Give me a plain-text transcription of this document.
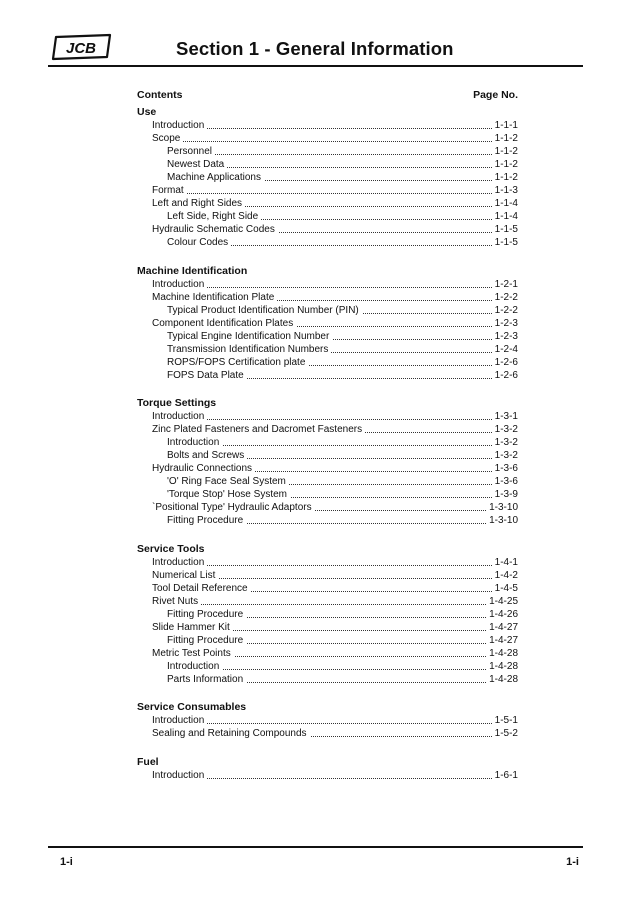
JCB	Section 1 - General Information
Contents	Page No.
Use
Introduction	1-1-1
Scope	1-1-2
Personnel	1-1-2
Newest Data	1-1-2
Machine Applications	1-1-2
Format	1-1-3
Left and Right Sides	1-1-4
Left Side, Right Side	1-1-4
Hydraulic Schematic Codes	1-1-5
Colour Codes	1-1-5
Machine Identification
Introduction	1-2-1
Machine Identification Plate	1-2-2
Typical Product Identification Number (PIN)	1-2-2
Component Identification Plates	1-2-3
Typical Engine Identification Number	1-2-3
Transmission Identification Numbers	1-2-4
ROPS/FOPS Certification plate	1-2-6
FOPS Data Plate	1-2-6
Torque Settings
Introduction	1-3-1
Zinc Plated Fasteners and Dacromet Fasteners	1-3-2
Introduction	1-3-2
Bolts and Screws	1-3-2
Hydraulic Connections	1-3-6
'O' Ring Face Seal System	1-3-6
'Torque Stop' Hose System	1-3-9
`Positional Type' Hydraulic Adaptors	1-3-10
Fitting Procedure	1-3-10
Service Tools
Introduction	1-4-1
Numerical List	1-4-2
Tool Detail Reference	1-4-5
Rivet Nuts	1-4-25
Fitting Procedure	1-4-26
Slide Hammer Kit	1-4-27
Fitting Procedure	1-4-27
Metric Test Points	1-4-28
Introduction	1-4-28
Parts Information	1-4-28
Service Consumables
Introduction	1-5-1
Sealing and Retaining Compounds	1-5-2
Fuel
Introduction	1-6-1
1-i	1-i
